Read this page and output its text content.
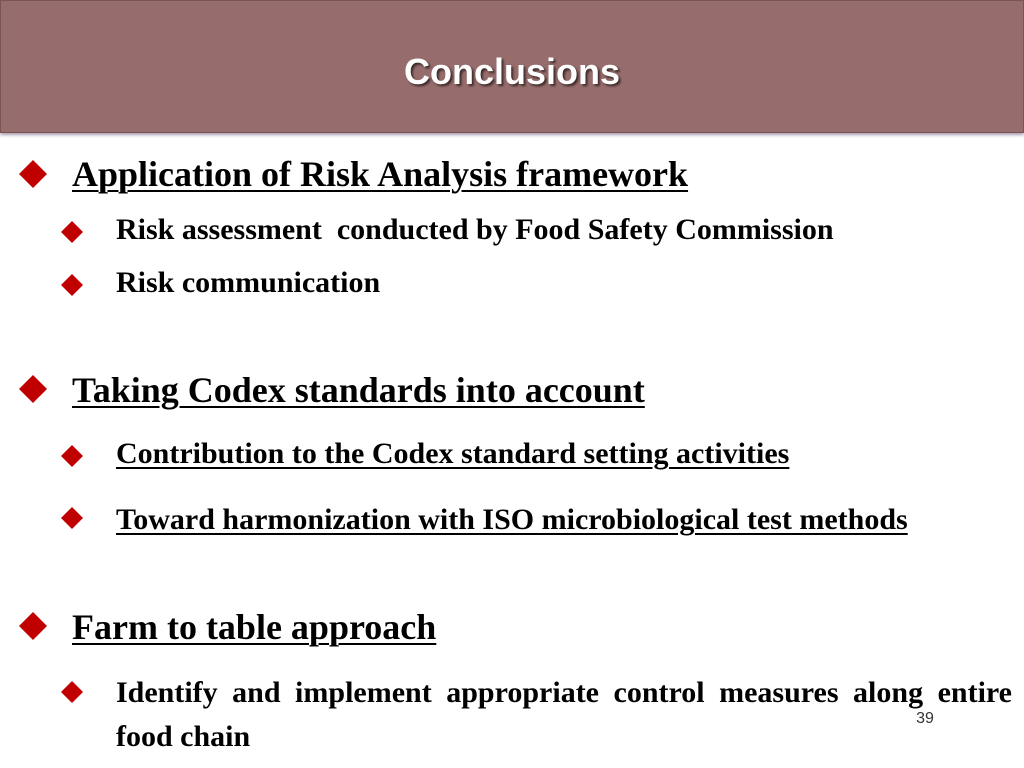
Conclusions
Application of Risk Analysis framework
Risk assessment  conducted by Food Safety Commission
Risk communication
Taking Codex standards into account
Contribution to the Codex standard setting activities
Toward harmonization with ISO microbiological test methods
Farm to table approach
Identify and implement appropriate control measures along entire food chain
39
